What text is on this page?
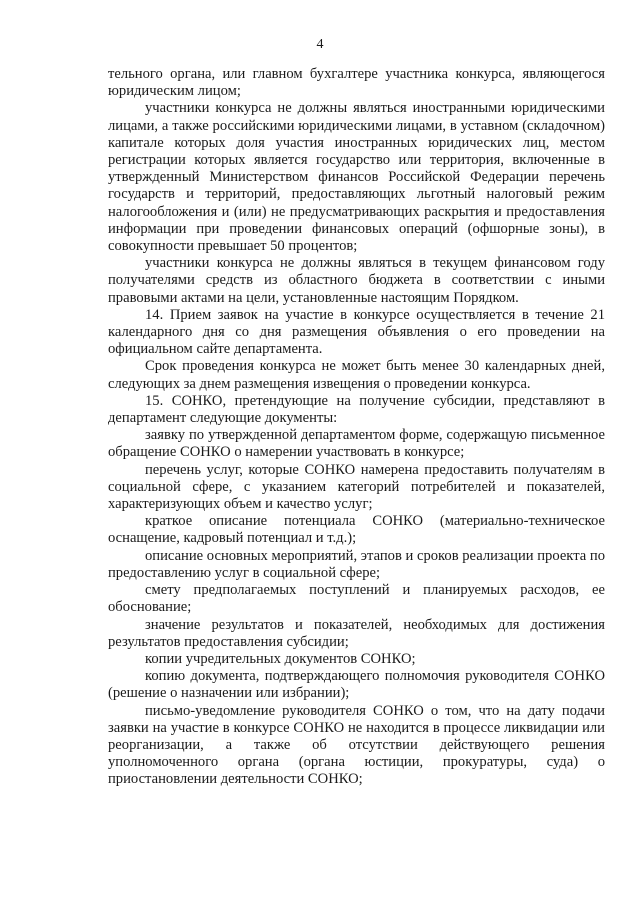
4

тельного органа, или главном бухгалтере участника конкурса, являющегося юридическим лицом;

участники конкурса не должны являться иностранными юридическими лицами, а также российскими юридическими лицами, в уставном (складочном) капитале которых доля участия иностранных юридических лиц, местом регистрации которых является государство или территория, включенные в утвержденный Министерством финансов Российской Федерации перечень государств и территорий, предоставляющих льготный налоговый режим налогообложения и (или) не предусматривающих раскрытия и предоставления информации при проведении финансовых операций (офшорные зоны), в совокупности превышает 50 процентов;

участники конкурса не должны являться в текущем финансовом году получателями средств из областного бюджета в соответствии с иными правовыми актами на цели, установленные настоящим Порядком.

14. Прием заявок на участие в конкурсе осуществляется в течение 21 календарного дня со дня размещения объявления о его проведении на официальном сайте департамента.

Срок проведения конкурса не может быть менее 30 календарных дней, следующих за днем размещения извещения о проведении конкурса.

15. СОНКО, претендующие на получение субсидии, представляют в департамент следующие документы:

заявку по утвержденной департаментом форме, содержащую письменное обращение СОНКО о намерении участвовать в конкурсе;

перечень услуг, которые СОНКО намерена предоставить получателям в социальной сфере, с указанием категорий потребителей и показателей, характеризующих объем и качество услуг;

краткое описание потенциала СОНКО (материально-техническое оснащение, кадровый потенциал и т.д.);

описание основных мероприятий, этапов и сроков реализации проекта по предоставлению услуг в социальной сфере;

смету предполагаемых поступлений и планируемых расходов, ее обоснование;

значение результатов и показателей, необходимых для достижения результатов предоставления субсидии;

копии учредительных документов СОНКО;

копию документа, подтверждающего полномочия руководителя СОНКО (решение о назначении или избрании);

письмо-уведомление руководителя СОНКО о том, что на дату подачи заявки на участие в конкурсе СОНКО не находится в процессе ликвидации или реорганизации, а также об отсутствии действующего решения уполномоченного органа (органа юстиции, прокуратуры, суда) о приостановлении деятельности СОНКО;
